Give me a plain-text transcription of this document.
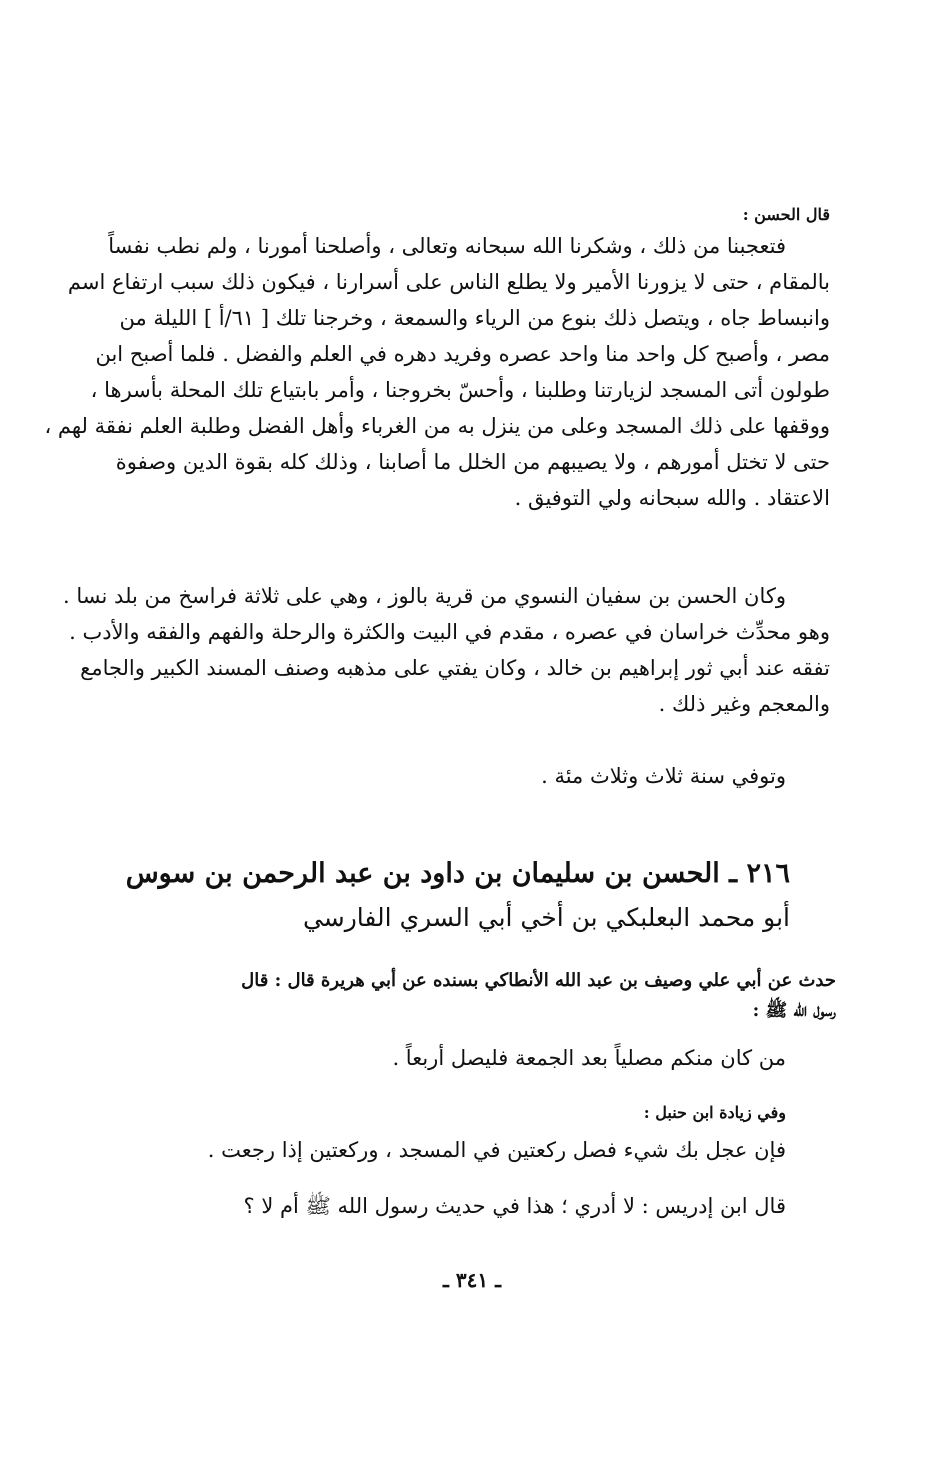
قال الحسن :
فتعجبنا من ذلك ، وشكرنا الله سبحانه وتعالى ، وأصلحنا أمورنا ، ولم نطب نفساً
بالمقام ، حتى لا يزورنا الأمير ولا يطلع الناس على أسرارنا ، فيكون ذلك سبب ارتفاع اسم
وانبساط جاه ، ويتصل ذلك بنوع من الرياء والسمعة ، وخرجنا تلك [ ٦١/أ ] الليلة من
مصر ، وأصبح كل واحد منا واحد عصره وفريد دهره في العلم والفضل . فلما أصبح ابن
طولون أتى المسجد لزيارتنا وطلبنا ، وأحسّ بخروجنا ، وأمر بابتياع تلك المحلة بأسرها ،
ووقفها على ذلك المسجد وعلى من ينزل به من الغرباء وأهل الفضل وطلبة العلم نفقة لهم ،
حتى لا تختل أمورهم ، ولا يصيبهم من الخلل ما أصابنا ، وذلك كله بقوة الدين وصفوة
الاعتقاد . والله سبحانه ولي التوفيق .
وكان الحسن بن سفيان النسوي من قرية بالوز ، وهي على ثلاثة فراسخ من بلد نسا .
وهو محدِّث خراسان في عصره ، مقدم في البيت والكثرة والرحلة والفهم والفقه والأدب .
تفقه عند أبي ثور إبراهيم بن خالد ، وكان يفتي على مذهبه وصنف المسند الكبير والجامع
والمعجم وغير ذلك .
وتوفي سنة ثلاث وثلاث مئة .
٢١٦ ـ الحسن بن سليمان بن داود بن عبد الرحمن بن سوس
أبو محمد البعلبكي بن أخي أبي السري الفارسي
حدث عن أبي علي وصيف بن عبد الله الأنطاكي بسنده عن أبي هريرة قال : قال
رسول الله ﷺ :
من كان منكم مصلياً بعد الجمعة فليصل أربعاً .
وفي زيادة ابن حنبل :
فإن عجل بك شيء فصل ركعتين في المسجد ، وركعتين إذا رجعت .
قال ابن إدريس : لا أدري ؛ هذا في حديث رسول الله ﷺ أم لا ؟
ـ ٣٤١ ـ
